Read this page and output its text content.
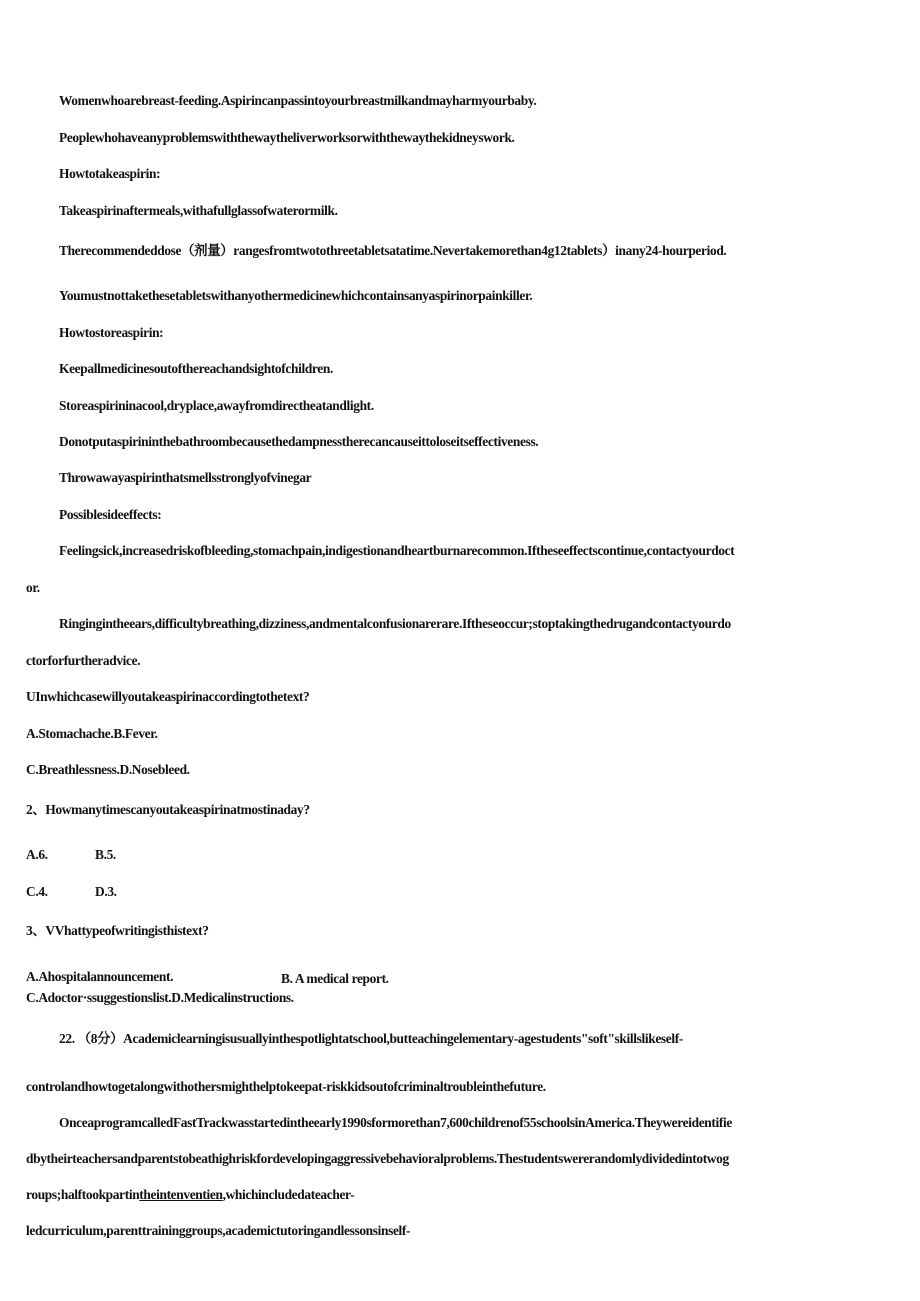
Womenwhoarebreast-feeding.Aspirincanpassintoyourbreastmilkandmayharmyourbaby.
Peoplewhohaveanyproblemswiththewaytheliverworksorwiththewaythekidneyswork.
Howtotakeaspirin:
Takeaspirinaftermeals,withafullglassofwaterormilk.
Therecommendeddose（剂量）rangesfromtwotothreetabletsatatime.Nevertakemorethan4g12tablets）inany24-hourperiod.
Youmustnottakethesetabletswithanyothermedicinewhichcontainsanyaspirinorpainkiller.
Howtostoreaspirin:
Keepallmedicinesoutofthereachandsightofchildren.
Storeaspirininacool,dryplace,awayfromdirectheatandlight.
Donotputaspirininthebathroombecausethedampnesstherecancauseittoloseitseffectiveness.
Throwawayaspirinthatsmellsstronglyofvinegar
Possiblesideeffects:
Feelingsick,increasedriskofbleeding,stomachpain,indigestionandheartburnarecommon.Iftheseeffectscontinue,contactyourdoct
or.
Ringingintheears,difficultybreathing,dizziness,andmentalconfusionarerare.Iftheseoccur;stoptakingthedrugandcontactyourdo
ctorforfurtheradvice.
UInwhichcasewillyoutakeaspirinaccordingtothetext?
A.Stomachache.B.Fever.
C.Breathlessness.D.Nosebleed.
2、Howmanytimescanyoutakeaspirinatmostinaday?
A.6.	B.5.
C.4.	D.3.
3、VVhattypeofwritingisthistext?
A.Ahospitalannouncement.	B. A medical report.
C.Adoctor·ssuggestionslist.D.Medicalinstructions.
22. （8分）Academiclearningisusuallyinthespotlightatschool,butteachingelementary-agestudents"soft"skillslikeself-
controlandhowtogetalongwithothersmighthelptokeepat-riskkidsoutofcriminaltroubleinthefuture.
OnceaprogramcalledFastTrackwasstartedintheearly1990sformorethan7,600childrenof55schoolsinAmerica.Theywereidentifie
dbytheirteachersandparentstobeathighriskfordevelopingaggressivebehavioralproblems.Thestudentswererandomlydividedintotwog
roups;halftookpartintheintenventien,whichincludedateacher-
ledcurriculum,parenttraininggroups,academictutoringandlessonsinself-
